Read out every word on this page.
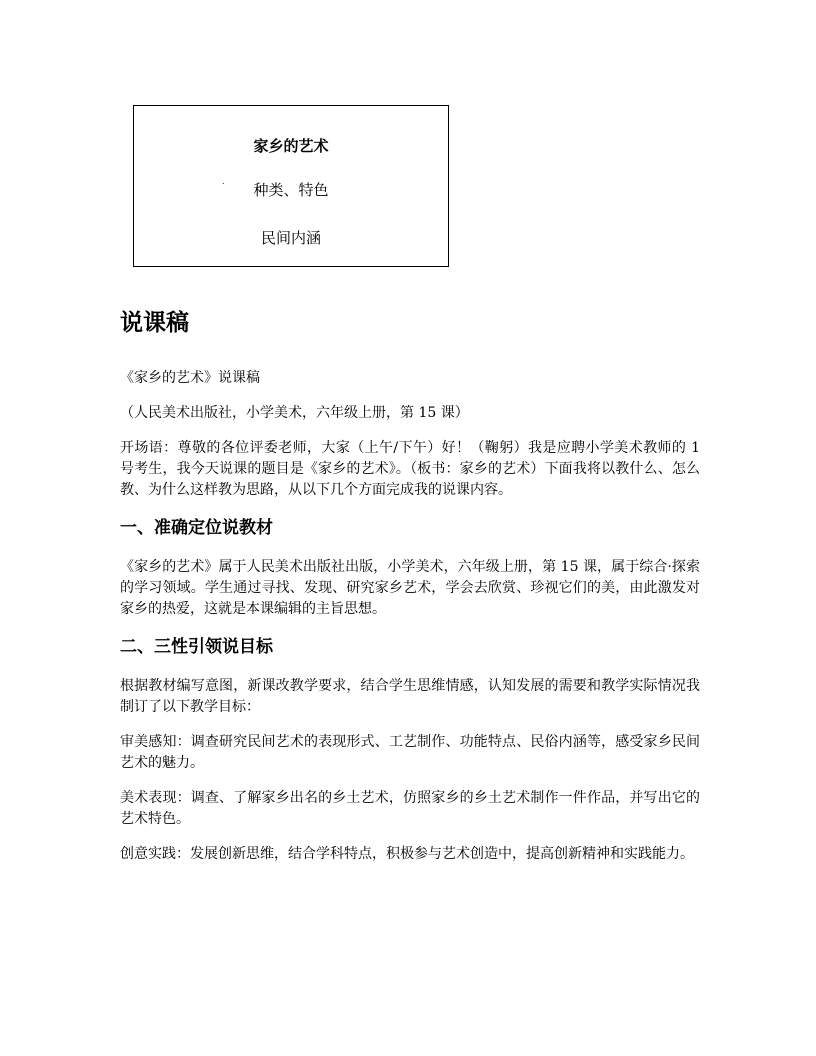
家乡的艺术
.	种类、特色
民间内涵
说课稿

《家乡的艺术》说课稿

（人民美术出版社，小学美术，六年级上册，第 15 课）

开场语：尊敬的各位评委老师，大家（上午/下午）好！（鞠躬）我是应聘小学美术教师的 1 号考生，我今天说课的题目是《家乡的艺术》。（板书：家乡的艺术）下面我将以教什么、怎么教、为什么这样教为思路，从以下几个方面完成我的说课内容。

一、准确定位说教材

《家乡的艺术》属于人民美术出版社出版，小学美术，六年级上册，第 15 课，属于综合·探索的学习领域。学生通过寻找、发现、研究家乡艺术，学会去欣赏、珍视它们的美，由此激发对家乡的热爱，这就是本课编辑的主旨思想。

二、三性引领说目标

根据教材编写意图，新课改教学要求，结合学生思维情感，认知发展的需要和教学实际情况我制订了以下教学目标：

审美感知：调查研究民间艺术的表现形式、工艺制作、功能特点、民俗内涵等，感受家乡民间艺术的魅力。

美术表现：调查、了解家乡出名的乡土艺术，仿照家乡的乡土艺术制作一件作品，并写出它的艺术特色。

创意实践：发展创新思维，结合学科特点，积极参与艺术创造中，提高创新精神和实践能力。
